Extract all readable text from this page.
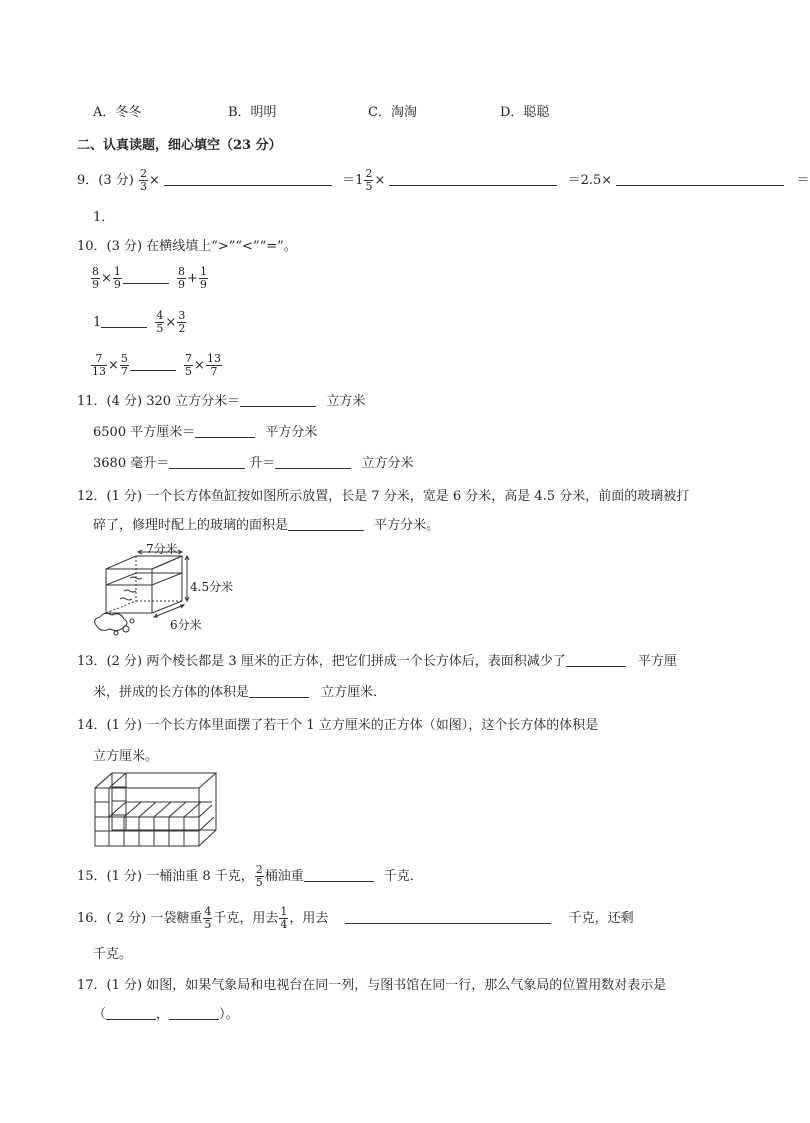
A．冬冬	B．明明	C．淘淘	D．聪聪
二、认真读题，细心填空（23 分）
9．(3 分) $\frac{2}{3}$ ×	$=1 \frac{2}{5}$ ×	＝2.5×	＝
1．
10．(3 分) 在横线填上“>”“<”“=”。
$\frac{8}{9} \times \frac{1}{9}$
	$\frac{8}{9} + \frac{1}{9}$
1	$\frac{4}{5} \times \frac{3}{2}$
$\frac{7}{13} \times \frac{5}{7}$
	$\frac{7}{5} \times \frac{13}{7}$
11．(4 分) 320 立方分米＝	立方米
6500 平方厘米＝	平方分米
3680 毫升＝	升＝	立方分米
12．(1 分) 一个长方体鱼缸按如图所示放置，长是 7 分米，宽是 6 分米，高是 4.5 分米，前面的玻璃被打
碎了，修理时配上的玻璃的面积是	平方分米。
7分米
4.5分米
6分米
13．(2 分) 两个棱长都是 3 厘米的正方体，把它们拼成一个长方体后，表面积减少了	平方厘
米，拼成的长方体的体积是	立方厘米．
14．(1 分) 一个长方体里面摆了若干个 1 立方厘米的正方体（如图），这个长方体的体积是
立方厘米。
15．(1 分) 一桶油重 8 千克， $\frac{2}{5}$ 桶油重	千克．
16．( 2 分) 一袋糖重 $\frac{4}{5}$ 千克，用去 $\frac{1}{4}$ ，用去	千克，还剩
千克。
17．(1 分) 如图，如果气象局和电视台在同一列，与图书馆在同一行，那么气象局的位置用数对表示是
（	，	）。
